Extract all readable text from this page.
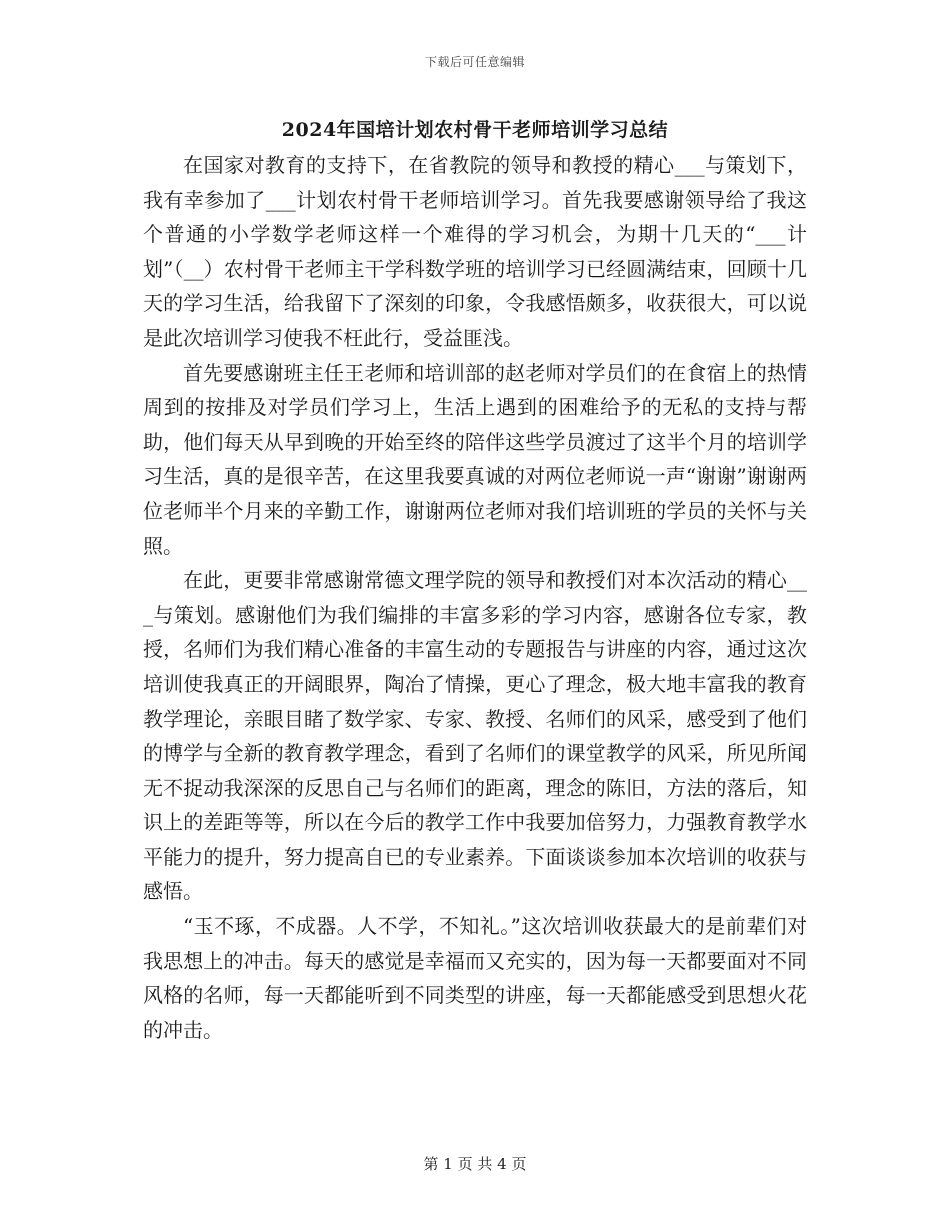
下载后可任意编辑
2024年国培计划农村骨干老师培训学习总结

在国家对教育的支持下，在省教院的领导和教授的精心___与策划下，我有幸参加了___计划农村骨干老师培训学习。首先我要感谢领导给了我这个普通的小学数学老师这样一个难得的学习机会，为期十几天的“___计划”（__）农村骨干老师主干学科数学班的培训学习已经圆满结束，回顾十几天的学习生活，给我留下了深刻的印象，令我感悟颇多，收获很大，可以说是此次培训学习使我不枉此行，受益匪浅。

首先要感谢班主任王老师和培训部的赵老师对学员们的在食宿上的热情周到的按排及对学员们学习上，生活上遇到的困难给予的无私的支持与帮助，他们每天从早到晚的开始至终的陪伴这些学员渡过了这半个月的培训学习生活，真的是很辛苦，在这里我要真诚的对两位老师说一声“谢谢”谢谢两位老师半个月来的辛勤工作，谢谢两位老师对我们培训班的学员的关怀与关照。

在此，更要非常感谢常德文理学院的领导和教授们对本次活动的精心___与策划。感谢他们为我们编排的丰富多彩的学习内容，感谢各位专家，教授，名师们为我们精心准备的丰富生动的专题报告与讲座的内容，通过这次培训使我真正的开阔眼界，陶冶了情操，更心了理念，极大地丰富我的教育教学理论，亲眼目睹了数学家、专家、教授、名师们的风采，感受到了他们的博学与全新的教育教学理念，看到了名师们的课堂教学的风采，所见所闻无不捉动我深深的反思自己与名师们的距离，理念的陈旧，方法的落后，知识上的差距等等，所以在今后的教学工作中我要加倍努力，力强教育教学水平能力的提升，努力提高自已的专业素养。下面谈谈参加本次培训的收获与感悟。

“玉不琢，不成器。人不学，不知礼。”这次培训收获最大的是前辈们对我思想上的冲击。每天的感觉是幸福而又充实的，因为每一天都要面对不同风格的名师，每一天都能听到不同类型的讲座，每一天都能感受到思想火花的冲击。

第 1 页 共 4 页
